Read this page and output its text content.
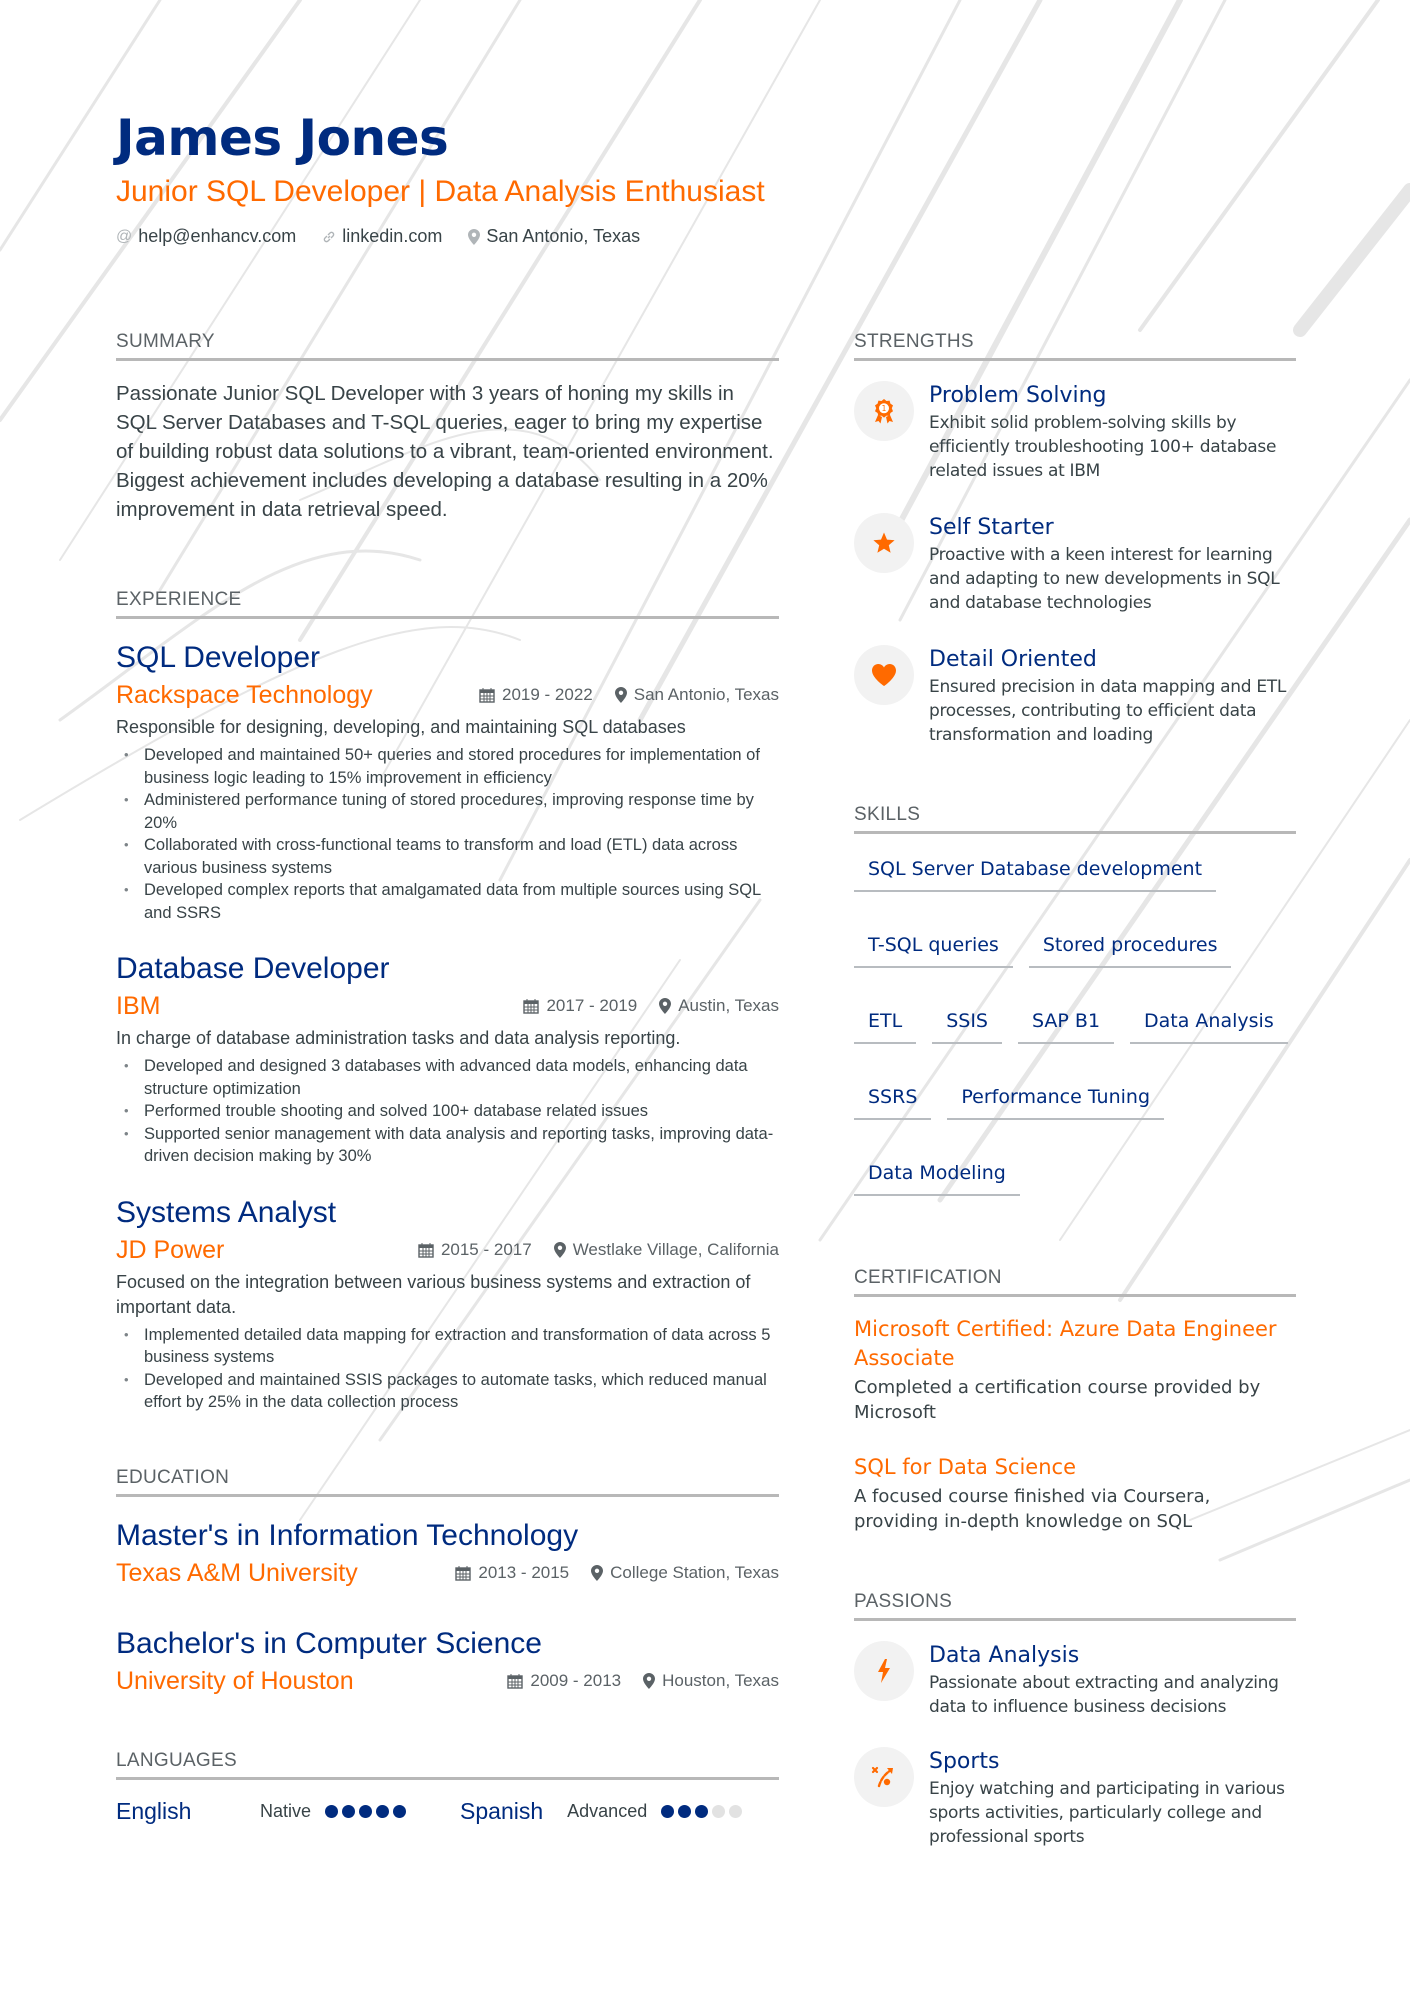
James Jones
Junior SQL Developer | Data Analysis Enthusiast
@ help@enhancv.com	linkedin.com San Antonio, Texas
SUMMARY

Passionate Junior SQL Developer with 3 years of honing my skills in SQL Server Databases and T-SQL queries, eager to bring my expertise of building robust data solutions to a vibrant, team-oriented environment. Biggest achievement includes developing a database resulting in a 20% improvement in data retrieval speed.

EXPERIENCE
SQL Developer
Rackspace Technology	2019 - 2022 San Antonio, Texas
Responsible for designing, developing, and maintaining SQL databases
• Developed and maintained 50+ queries and stored procedures for implementation of business logic leading to 15% improvement in efficiency
• Administered performance tuning of stored procedures, improving response time by 20%
• Collaborated with cross-functional teams to transform and load (ETL) data across various business systems
• Developed complex reports that amalgamated data from multiple sources using SQL and SSRS
Database Developer
IBM	2017 - 2019 Austin, Texas
In charge of database administration tasks and data analysis reporting.
• Developed and designed 3 databases with advanced data models, enhancing data structure optimization
• Performed trouble shooting and solved 100+ database related issues
• Supported senior management with data analysis and reporting tasks, improving data-driven decision making by 30%
Systems Analyst
JD Power	2015 - 2017 Westlake Village, California
Focused on the integration between various business systems and extraction of important data.
• Implemented detailed data mapping for extraction and transformation of data across 5 business systems
• Developed and maintained SSIS packages to automate tasks, which reduced manual effort by 25% in the data collection process
EDUCATION
Master's in Information Technology
Texas A&M University	2013 - 2015 College Station, Texas
Bachelor's in Computer Science
University of Houston	2009 - 2013 Houston, Texas
LANGUAGES
English	Native	Spanish Advanced
STRENGTHS
1
Problem Solving
Exhibit solid problem-solving skills by efficiently troubleshooting 100+ database related issues at IBM
Self Starter
Proactive with a keen interest for learning and adapting to new developments in SQL and database technologies
Detail Oriented
Ensured precision in data mapping and ETL processes, contributing to efficient data transformation and loading
SKILLS
SQL Server Database development
T-SQL queries	Stored procedures
ETL	SSIS	SAP B1	Data Analysis
SSRS	Performance Tuning
Data Modeling
CERTIFICATION
Microsoft Certified: Azure Data Engineer Associate
Completed a certification course provided by Microsoft
SQL for Data Science
A focused course finished via Coursera, providing in-depth knowledge on SQL
PASSIONS
Data Analysis
Passionate about extracting and analyzing data to influence business decisions
Sports
Enjoy watching and participating in various sports activities, particularly college and professional sports
